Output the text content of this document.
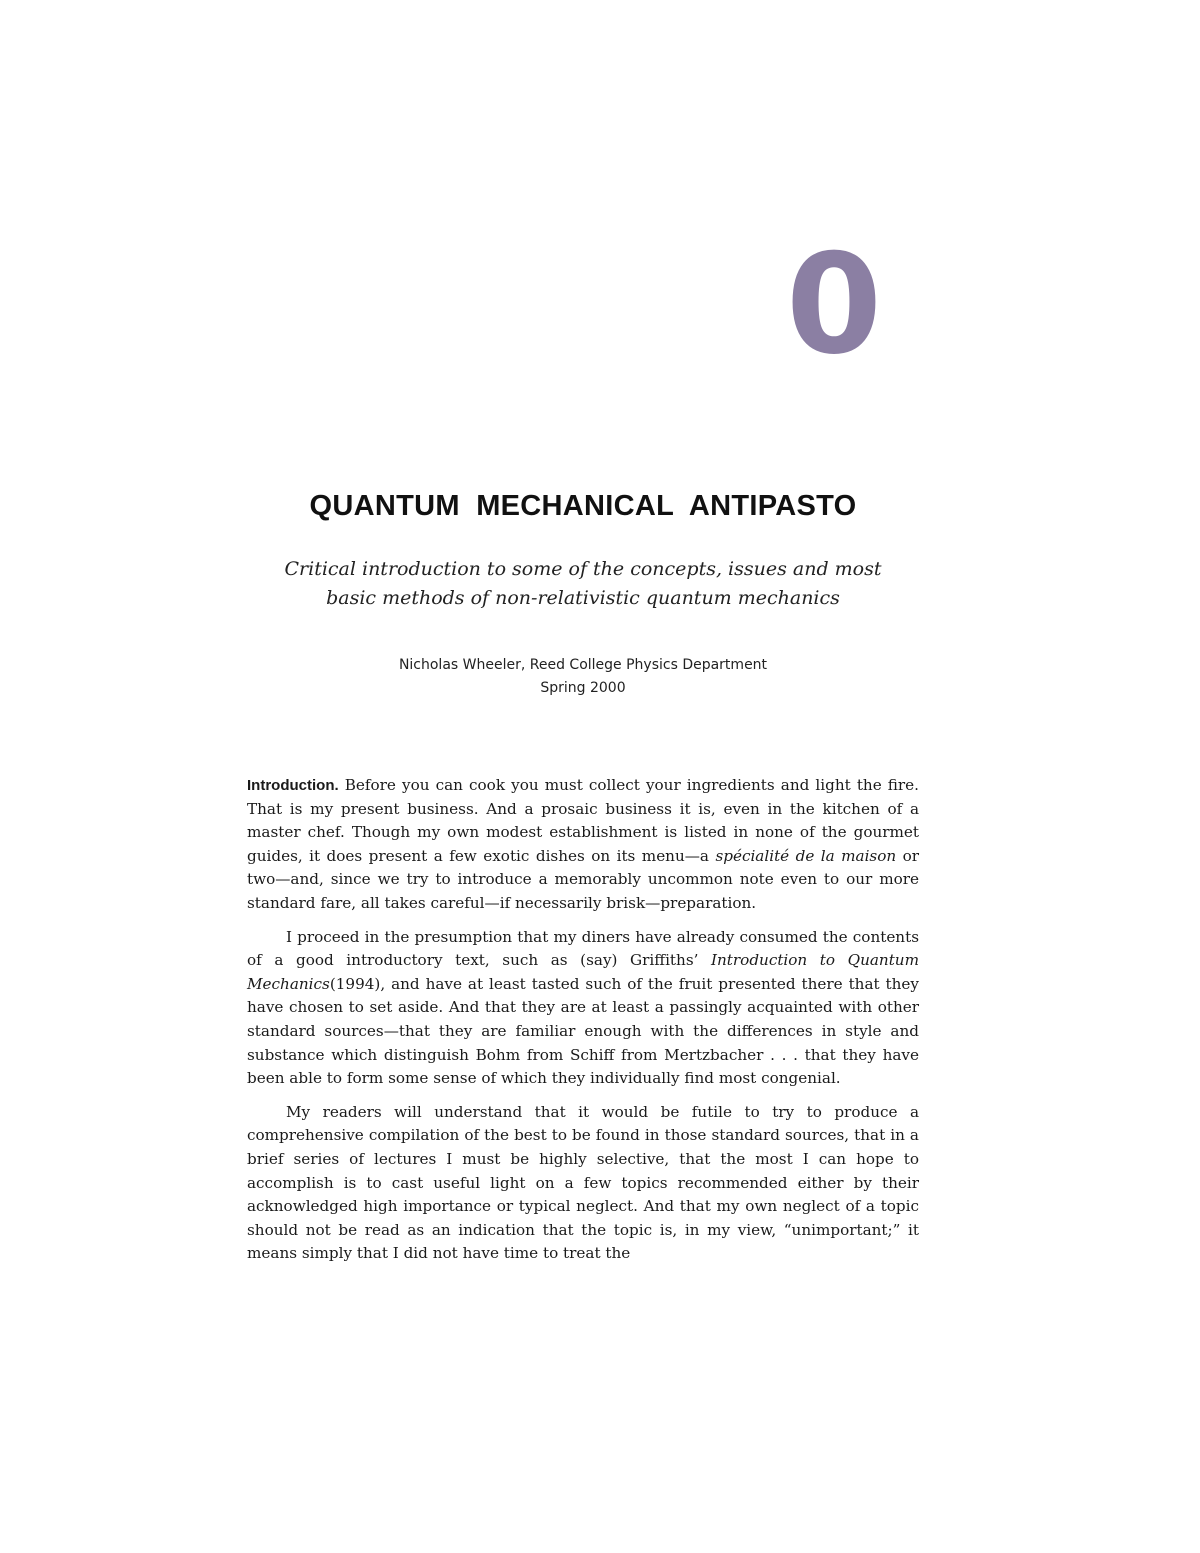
0
QUANTUM MECHANICAL ANTIPASTO
Critical introduction to some of the concepts, issues and most
basic methods of non-relativistic quantum mechanics
Nicholas Wheeler, Reed College Physics Department
Spring 2000

Introduction. Before you can cook you must collect your ingredients and light the fire. That is my present business. And a prosaic business it is, even in the kitchen of a master chef. Though my own modest establishment is listed in none of the gourmet guides, it does present a few exotic dishes on its menu—a spécialité de la maison or two—and, since we try to introduce a memorably uncommon note even to our more standard fare, all takes careful—if necessarily brisk—preparation.

I proceed in the presumption that my diners have already consumed the contents of a good introductory text, such as (say) Griffiths’ Introduction to Quantum Mechanics(1994), and have at least tasted such of the fruit presented there that they have chosen to set aside. And that they are at least a passingly acquainted with other standard sources—that they are familiar enough with the differences in style and substance which distinguish Bohm from Schiff from Mertzbacher . . . that they have been able to form some sense of which they individually find most congenial.

My readers will understand that it would be futile to try to produce a comprehensive compilation of the best to be found in those standard sources, that in a brief series of lectures I must be highly selective, that the most I can hope to accomplish is to cast useful light on a few topics recommended either by their acknowledged high importance or typical neglect. And that my own neglect of a topic should not be read as an indication that the topic is, in my view, “unimportant;” it means simply that I did not have time to treat the
